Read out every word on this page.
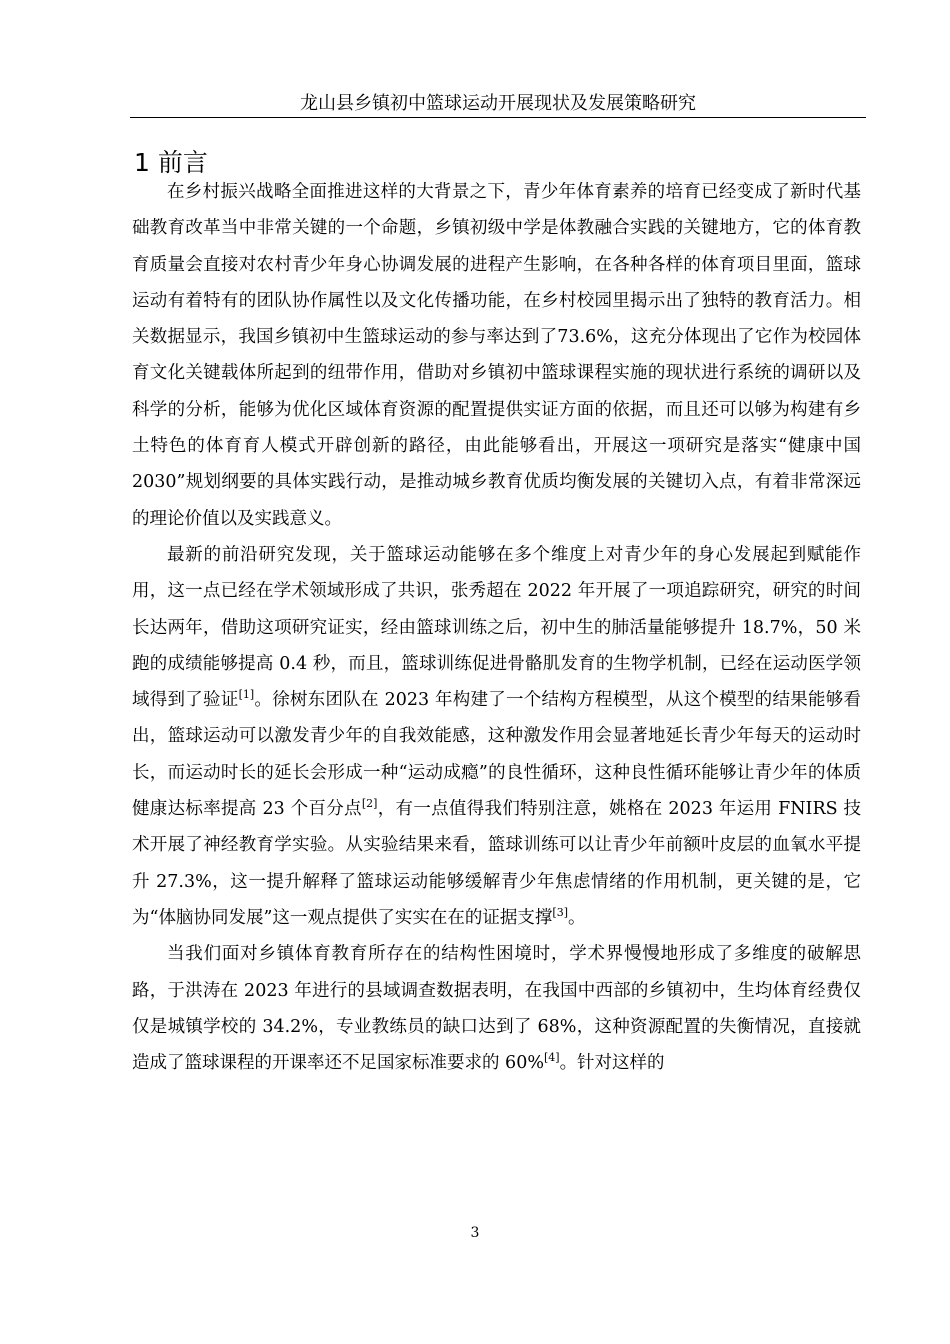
龙山县乡镇初中篮球运动开展现状及发展策略研究
1 前言

在乡村振兴战略全面推进这样的大背景之下，青少年体育素养的培育已经变成了新时代基础教育改革当中非常关键的一个命题，乡镇初级中学是体教融合实践的关键地方，它的体育教育质量会直接对农村青少年身心协调发展的进程产生影响，在各种各样的体育项目里面，篮球运动有着特有的团队协作属性以及文化传播功能，在乡村校园里揭示出了独特的教育活力。相关数据显示，我国乡镇初中生篮球运动的参与率达到了73.6%，这充分体现出了它作为校园体育文化关键载体所起到的纽带作用，借助对乡镇初中篮球课程实施的现状进行系统的调研以及科学的分析，能够为优化区域体育资源的配置提供实证方面的依据，而且还可以够为构建有乡土特色的体育育人模式开辟创新的路径，由此能够看出，开展这一项研究是落实“健康中国2030”规划纲要的具体实践行动，是推动城乡教育优质均衡发展的关键切入点，有着非常深远的理论价值以及实践意义。

最新的前沿研究发现，关于篮球运动能够在多个维度上对青少年的身心发展起到赋能作用，这一点已经在学术领域形成了共识，张秀超在 2022 年开展了一项追踪研究，研究的时间长达两年，借助这项研究证实，经由篮球训练之后，初中生的肺活量能够提升 18.7%，50 米跑的成绩能够提高 0.4 秒，而且，篮球训练促进骨骼肌发育的生物学机制，已经在运动医学领域得到了验证[1]。徐树东团队在 2023 年构建了一个结构方程模型，从这个模型的结果能够看出，篮球运动可以激发青少年的自我效能感，这种激发作用会显著地延长青少年每天的运动时长，而运动时长的延长会形成一种“运动成瘾”的良性循环，这种良性循环能够让青少年的体质健康达标率提高 23 个百分点[2]，有一点值得我们特别注意，姚格在 2023 年运用 FNIRS 技术开展了神经教育学实验。从实验结果来看，篮球训练可以让青少年前额叶皮层的血氧水平提升 27.3%，这一提升解释了篮球运动能够缓解青少年焦虑情绪的作用机制，更关键的是，它为“体脑协同发展”这一观点提供了实实在在的证据支撑[3]。

当我们面对乡镇体育教育所存在的结构性困境时，学术界慢慢地形成了多维度的破解思路，于洪涛在 2023 年进行的县域调查数据表明，在我国中西部的乡镇初中，生均体育经费仅仅是城镇学校的 34.2%，专业教练员的缺口达到了 68%，这种资源配置的失衡情况，直接就造成了篮球课程的开课率还不足国家标准要求的 60%[4]。针对这样的

3
